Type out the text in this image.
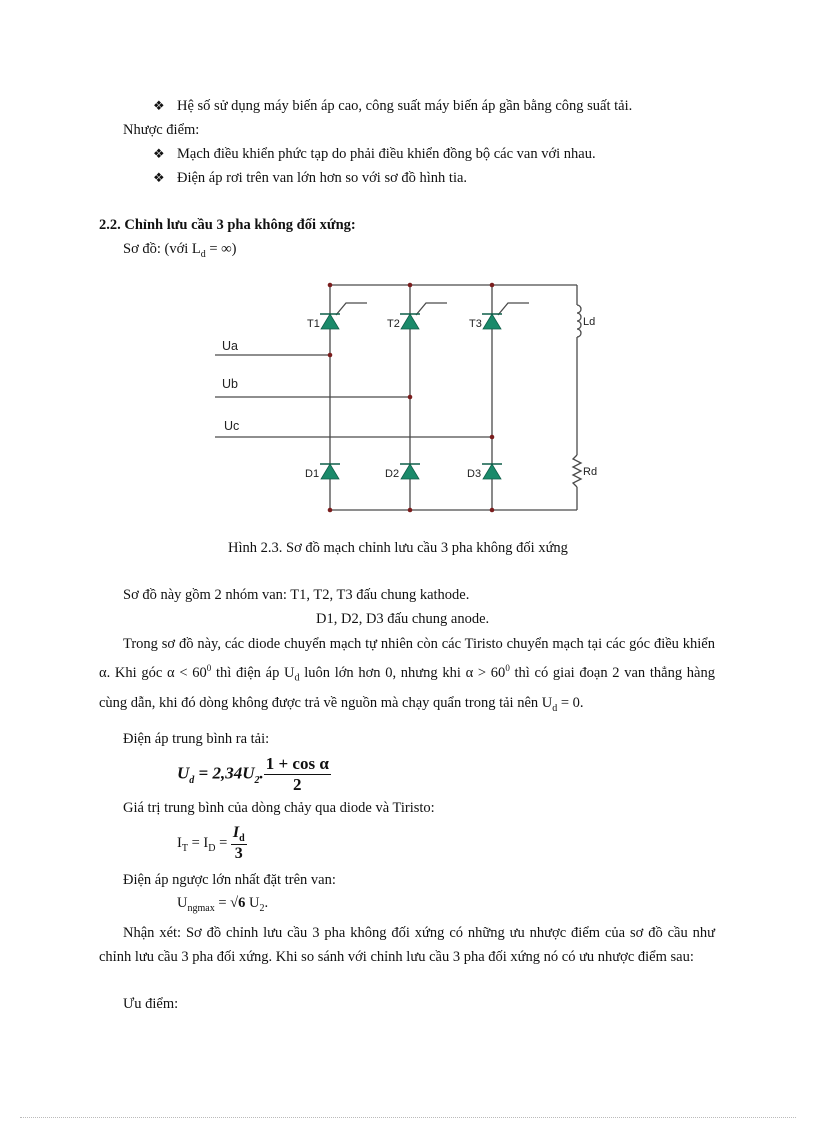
❖ Hệ số sử dụng máy biến áp cao, công suất máy biến áp gần bằng công suất tải.
Nhược điểm:
❖ Mạch điều khiển phức tạp do phải điều khiển đồng bộ các van với nhau.
❖ Điện áp rơi trên van lớn hơn so với sơ đồ hình tia.
2.2. Chỉnh lưu cầu 3 pha không đối xứng:
Sơ đồ: (với $L_d$ = ∞)
T1	T2	T3
D1	D2	D3
Ld
Rd
Ua
Ub
Uc
Hình 2.3. Sơ đồ mạch chỉnh lưu cầu 3 pha không đối xứng
Sơ đồ này gồm 2 nhóm van: T1, T2, T3 đấu chung kathode.
D1, D2, D3 đấu chung anode.
Trong sơ đồ này, các diode chuyển mạch tự nhiên còn các Tiristo chuyển mạch tại các góc điều khiển α. Khi góc $\alpha < 60^0$ thì điện áp $U_d$ luôn lớn hơn 0, nhưng khi $\alpha > 60^0$ thì có giai đoạn 2 van thẳng hàng cùng dẫn, khi đó dòng không được trả về nguồn mà chạy quẩn trong tải nên $U_d = 0$.
Điện áp trung bình ra tải:
$U_d = 2,34U_2$. $\frac{\text{1 + cos α}}{2}$
Giá trị trung bình của dòng chảy qua diode và Tiristo:
$I_T = I_D = \frac{I_d}{3}$
Điện áp ngược lớn nhất đặt trên van:
$U_{ngmax} = √6$ $U_2$.
Nhận xét: Sơ đồ chỉnh lưu cầu 3 pha không đối xứng có những ưu nhược điểm của sơ đồ cầu như chỉnh lưu cầu 3 pha đối xứng. Khi so sánh với chỉnh lưu cầu 3 pha đối xứng nó có ưu nhược điểm sau:
Ưu điểm:
